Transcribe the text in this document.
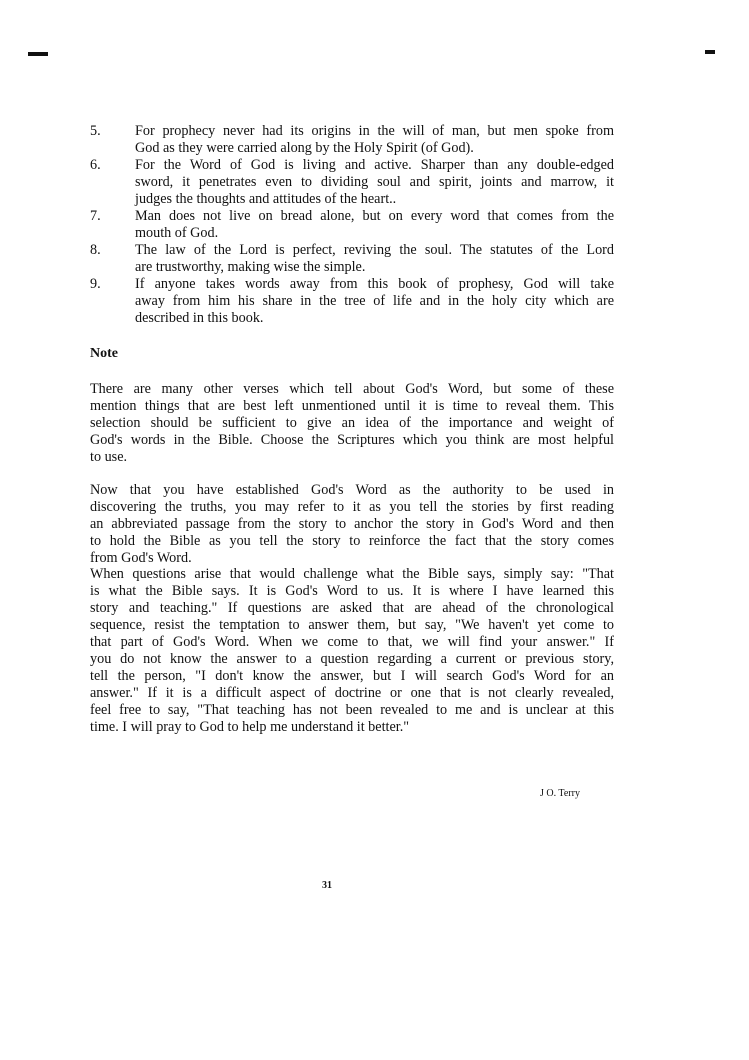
5. For prophecy never had its origins in the will of man, but men spoke from
God as they were carried along by the Holy Spirit (of God).
6. For the Word of God is living and active. Sharper than any double-edged
sword, it penetrates even to dividing soul and spirit, joints and marrow, it
judges the thoughts and attitudes of the heart..
7. Man does not live on bread alone, but on every word that comes from the
mouth of God.
8. The law of the Lord is perfect, reviving the soul. The statutes of the Lord
are trustworthy, making wise the simple.
9. If anyone takes words away from this book of prophesy, God will take
away from him his share in the tree of life and in the holy city which are
described in this book.
Note
There are many other verses which tell about God's Word, but some of these
mention things that are best left unmentioned until it is time to reveal them. This
selection should be sufficient to give an idea of the importance and weight of
God's words in the Bible. Choose the Scriptures which you think are most helpful
to use.
Now that you have established God's Word as the authority to be used in
discovering the truths, you may refer to it as you tell the stories by first reading
an abbreviated passage from the story to anchor the story in God's Word and then
to hold the Bible as you tell the story to reinforce the fact that the story comes
from God's Word.
When questions arise that would challenge what the Bible says, simply say: "That
is what the Bible says. It is God's Word to us. It is where I have learned this
story and teaching." If questions are asked that are ahead of the chronological
sequence, resist the temptation to answer them, but say, "We haven't yet come to
that part of God's Word. When we come to that, we will find your answer." If
you do not know the answer to a question regarding a current or previous story,
tell the person, "I don't know the answer, but I will search God's Word for an
answer." If it is a difficult aspect of doctrine or one that is not clearly revealed,
feel free to say, "That teaching has not been revealed to me and is unclear at this
time. I will pray to God to help me understand it better."
J O. Terry
31
